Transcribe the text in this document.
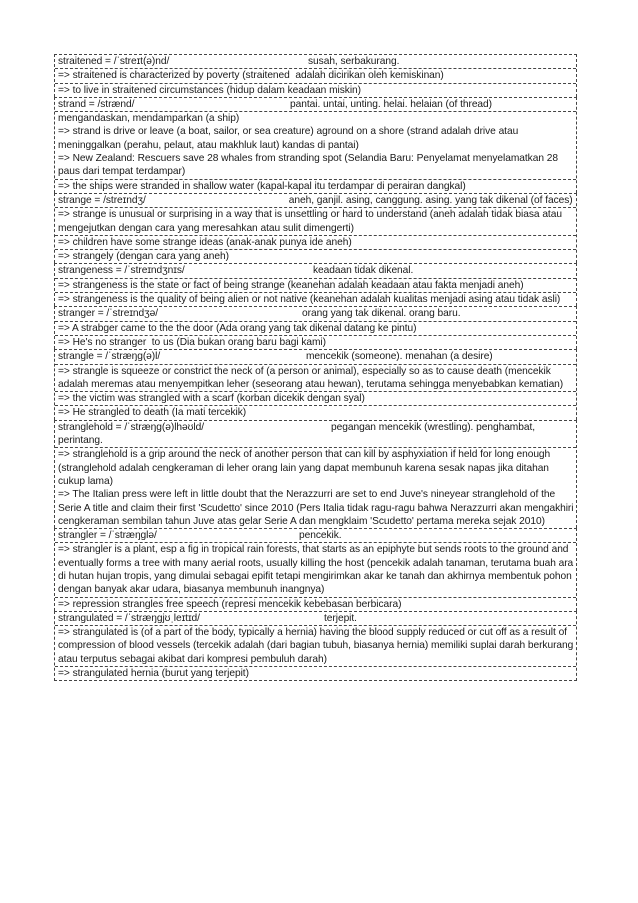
straitened = /ˈstreɪt(ə)nd/	susah, serbakurang.
=> straitened is characterized by poverty (straitened  adalah dicirikan oleh kemiskinan)
=> to live in straitened circumstances (hidup dalam keadaan miskin)
strand = /strænd/	pantai. untai, unting. helai. helaian (of thread)
mengandaskan, mendamparkan (a ship)
=> strand is drive or leave (a boat, sailor, or sea creature) aground on a shore (strand adalah drive atau meninggalkan (perahu, pelaut, atau makhluk laut) kandas di pantai)
=> New Zealand: Rescuers save 28 whales from stranding spot (Selandia Baru: Penyelamat menyelamatkan 28 paus dari tempat terdampar)
=> the ships were stranded in shallow water (kapal-kapal itu terdampar di perairan dangkal)
strange = /streɪndʒ/	aneh, ganjil. asing, canggung. asing. yang tak dikenal (of faces)
=> strange is unusual or surprising in a way that is unsettling or hard to understand (aneh adalah tidak biasa atau mengejutkan dengan cara yang meresahkan atau sulit dimengerti)
=> children have some strange ideas (anak-anak punya ide aneh)
=> strangely (dengan cara yang aneh)
strangeness = /ˈstreɪndʒnɪs/	keadaan tidak dikenal.
=> strangeness is the state or fact of being strange (keanehan adalah keadaan atau fakta menjadi aneh)
=> strangeness is the quality of being alien or not native (keanehan adalah kualitas menjadi asing atau tidak asli)
stranger = /ˈstreɪndʒə/	orang yang tak dikenal. orang baru.
=> A strabger came to the the door (Ada orang yang tak dikenal datang ke pintu)
=> He's no stranger  to us (Dia bukan orang baru bagi kami)
strangle = /ˈstræŋɡ(ə)l/	mencekik (someone). menahan (a desire)
=> strangle is squeeze or constrict the neck of (a person or animal), especially so as to cause death (mencekik adalah meremas atau menyempitkan leher (seseorang atau hewan), terutama sehingga menyebabkan kematian)
=> the victim was strangled with a scarf (korban dicekik dengan syal)
=> He strangled to death (Ia mati tercekik)
stranglehold = /ˈstræŋɡ(ə)lhəʊld/	pegangan mencekik (wrestling). penghambat, perintang.
=> stranglehold is a grip around the neck of another person that can kill by asphyxiation if held for long enough (stranglehold adalah cengkeraman di leher orang lain yang dapat membunuh karena sesak napas jika ditahan cukup lama)
=> The Italian press were left in little doubt that the Nerazzurri are set to end Juve's nineyear stranglehold of the Serie A title and claim their first 'Scudetto' since 2010 (Pers Italia tidak ragu-ragu bahwa Nerazzurri akan mengakhiri cengkeraman sembilan tahun Juve atas gelar Serie A dan mengklaim 'Scudetto' pertama mereka sejak 2010)
strangler = /ˈstræŋɡlə/	pencekik.
=> strangler is a plant, esp a fig in tropical rain forests, that starts as an epiphyte but sends roots to the ground and eventually forms a tree with many aerial roots, usually killing the host (pencekik adalah tanaman, terutama buah ara di hutan hujan tropis, yang dimulai sebagai epifit tetapi mengirimkan akar ke tanah dan akhirnya membentuk pohon dengan banyak akar udara, biasanya membunuh inangnya)
=> repression strangles free speech (represi mencekik kebebasan berbicara)
strangulated = /ˈstræŋɡjʊˌleɪtɪd/	terjepit.
=> strangulated is (of a part of the body, typically a hernia) having the blood supply reduced or cut off as a result of compression of blood vessels (tercekik adalah (dari bagian tubuh, biasanya hernia) memiliki suplai darah berkurang atau terputus sebagai akibat dari kompresi pembuluh darah)
=> strangulated hernia (burut yang terjepit)
